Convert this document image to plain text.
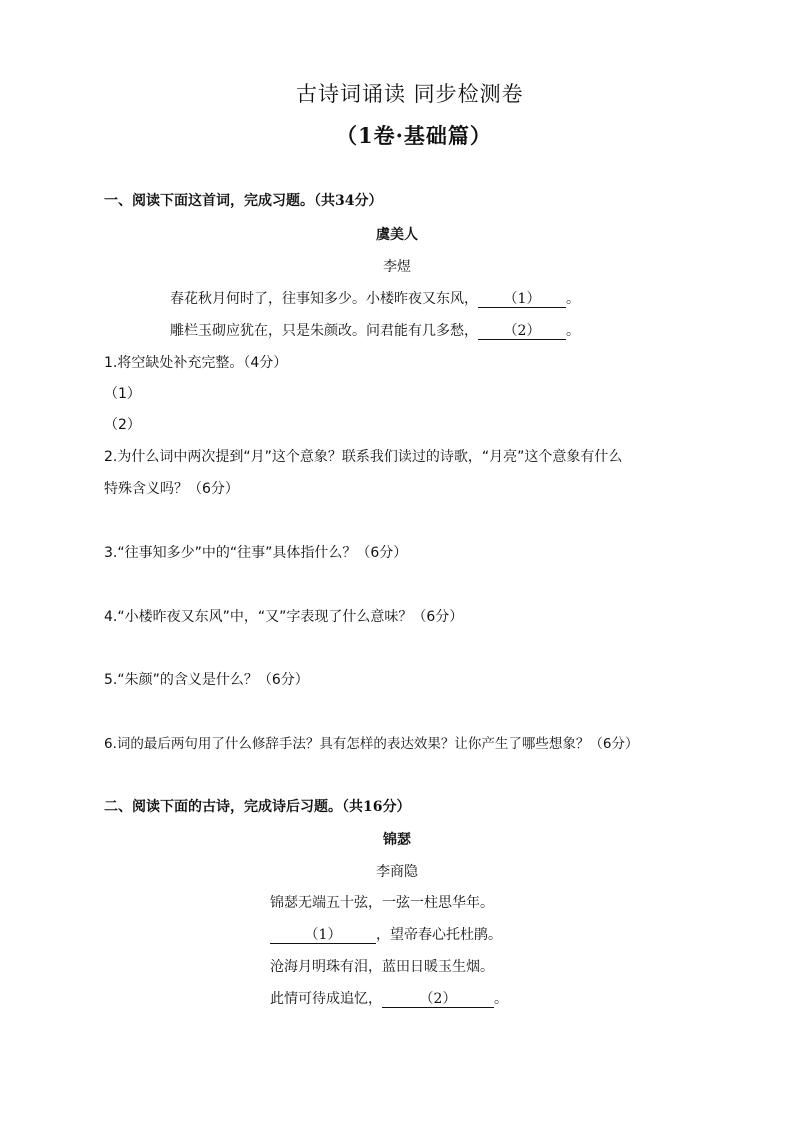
古诗词诵读 同步检测卷
（1卷·基础篇）
一、阅读下面这首词，完成习题。（共34分）
虞美人
李煜
春花秋月何时了，往事知多少。小楼昨夜又东风， （1） 。
雕栏玉砌应犹在，只是朱颜改。问君能有几多愁， （2） 。
1.将空缺处补充完整。（4分）
（1）
（2）
2.为什么词中两次提到“月”这个意象？联系我们读过的诗歌，“月亮”这个意象有什么
特殊含义吗？（6分）
3.“往事知多少”中的“往事”具体指什么？（6分）
4.“小楼昨夜又东风”中，“又”字表现了什么意味？（6分）
5.“朱颜”的含义是什么？（6分）
6.词的最后两句用了什么修辞手法？具有怎样的表达效果？让你产生了哪些想象？（6分）
二、阅读下面的古诗，完成诗后习题。（共16分）
锦瑟
李商隐
锦瑟无端五十弦，一弦一柱思华年。
（1） ，望帝春心托杜鹃。
沧海月明珠有泪，蓝田日暖玉生烟。
此情可待成追忆，	（2）	。
